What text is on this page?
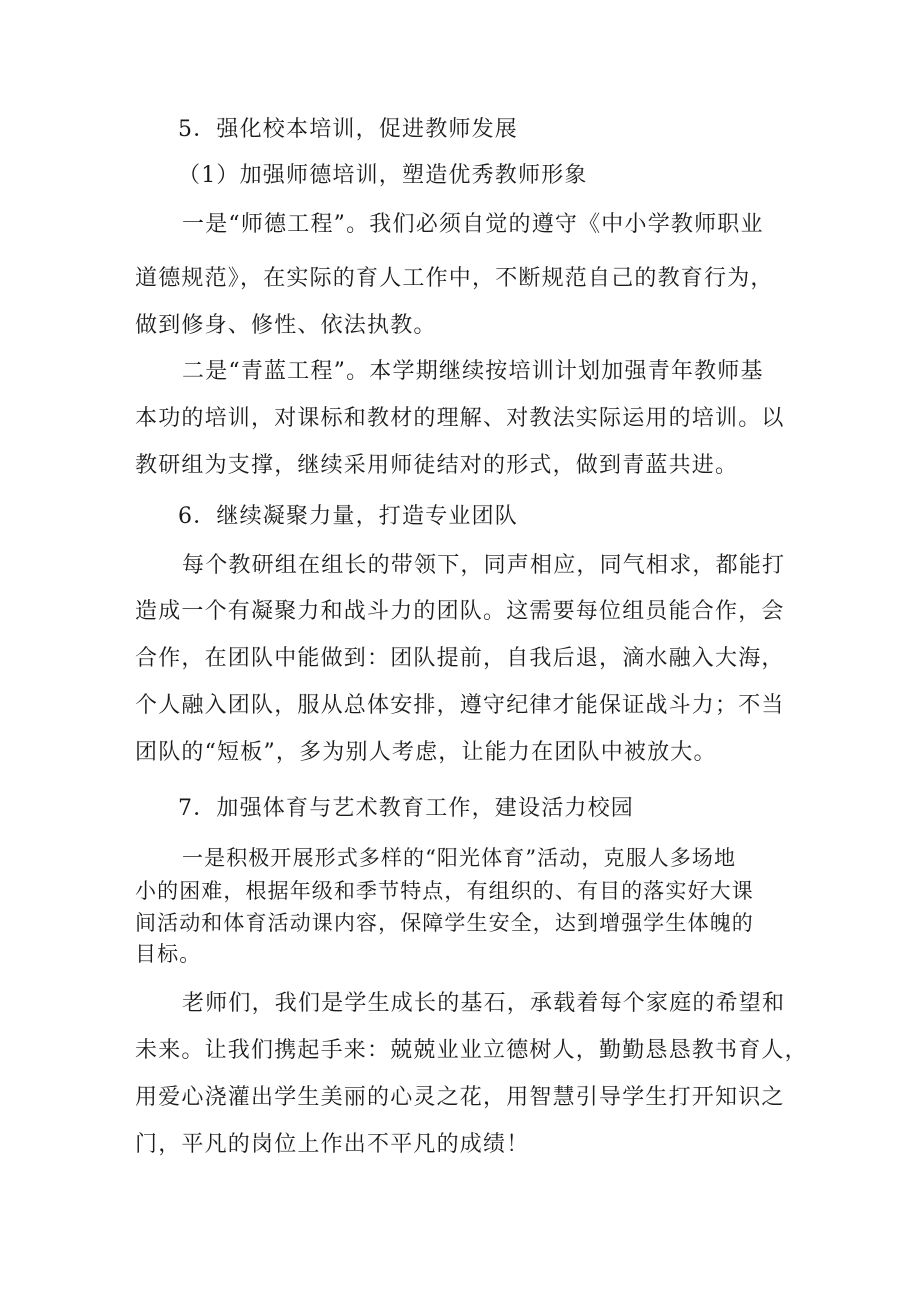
5．强化校本培训，促进教师发展
（1）加强师德培训，塑造优秀教师形象
一是“师德工程”。我们必须自觉的遵守《中小学教师职业
道德规范》，在实际的育人工作中，不断规范自己的教育行为，
做到修身、修性、依法执教。
二是“青蓝工程”。本学期继续按培训计划加强青年教师基
本功的培训，对课标和教材的理解、对教法实际运用的培训。以
教研组为支撑，继续采用师徒结对的形式，做到青蓝共进。
6．继续凝聚力量，打造专业团队
每个教研组在组长的带领下，同声相应，同气相求，都能打
造成一个有凝聚力和战斗力的团队。这需要每位组员能合作，会
合作，在团队中能做到：团队提前，自我后退，滴水融入大海，
个人融入团队，服从总体安排，遵守纪律才能保证战斗力；不当
团队的“短板”，多为别人考虑，让能力在团队中被放大。
7．加强体育与艺术教育工作，建设活力校园
一是积极开展形式多样的“阳光体育”活动，克服人多场地
小的困难，根据年级和季节特点，有组织的、有目的落实好大课
间活动和体育活动课内容，保障学生安全，达到增强学生体魄的
目标。
老师们，我们是学生成长的基石，承载着每个家庭的希望和
未来。让我们携起手来：兢兢业业立德树人，勤勤恳恳教书育人，
用爱心浇灌出学生美丽的心灵之花，用智慧引导学生打开知识之
门，平凡的岗位上作出不平凡的成绩！
